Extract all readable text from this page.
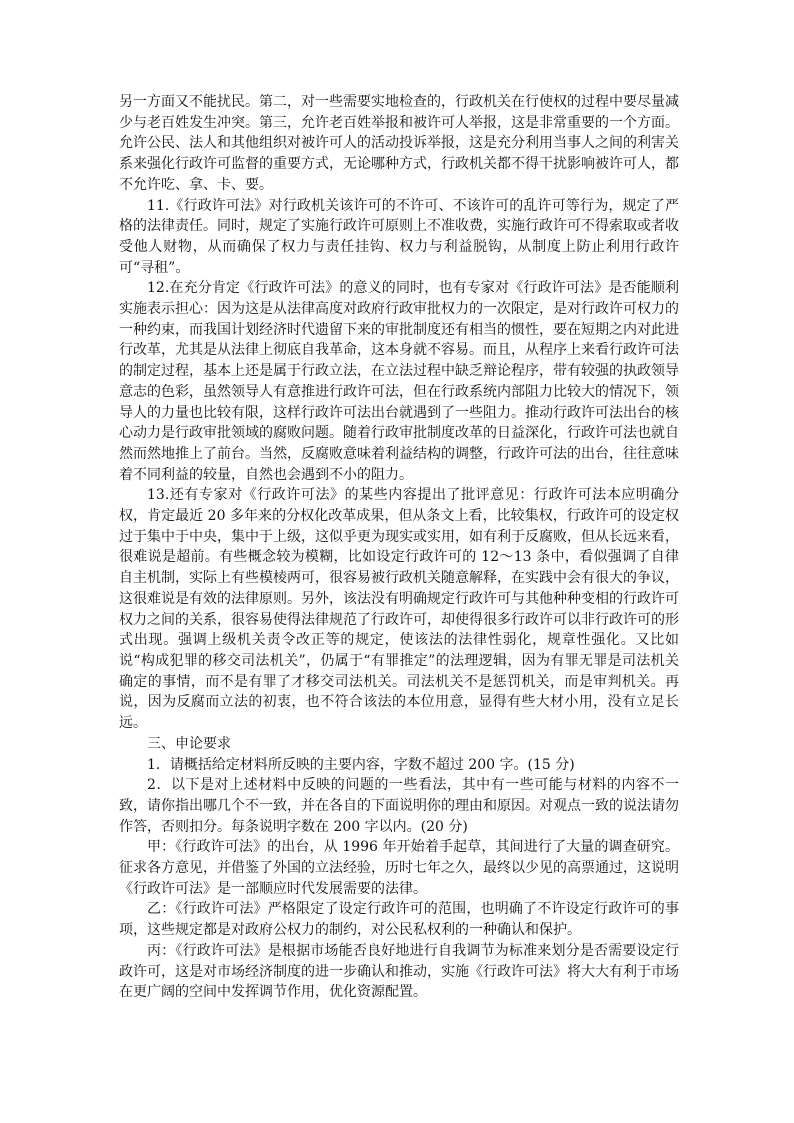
另一方面又不能扰民。第二，对一些需要实地检查的，行政机关在行使权的过程中要尽量减少与老百姓发生冲突。第三，允许老百姓举报和被许可人举报，这是非常重要的一个方面。允许公民、法人和其他组织对被许可人的活动投诉举报，这是充分利用当事人之间的利害关系来强化行政许可监督的重要方式，无论哪种方式，行政机关都不得干扰影响被许可人，都不允许吃、拿、卡、要。

11.《行政许可法》对行政机关该许可的不许可、不该许可的乱许可等行为，规定了严格的法律责任。同时，规定了实施行政许可原则上不准收费，实施行政许可不得索取或者收受他人财物，从而确保了权力与责任挂钩、权力与利益脱钩，从制度上防止利用行政许可“寻租”。

12.在充分肯定《行政许可法》的意义的同时，也有专家对《行政许可法》是否能顺利实施表示担心：因为这是从法律高度对政府行政审批权力的一次限定，是对行政许可权力的一种约束，而我国计划经济时代遗留下来的审批制度还有相当的惯性，要在短期之内对此进行改革，尤其是从法律上彻底自我革命，这本身就不容易。而且，从程序上来看行政许可法的制定过程，基本上还是属于行政立法，在立法过程中缺乏辩论程序，带有较强的执政领导意志的色彩，虽然领导人有意推进行政许可法，但在行政系统内部阻力比较大的情况下，领导人的力量也比较有限，这样行政许可法出台就遇到了一些阻力。推动行政许可法出台的核心动力是行政审批领域的腐败问题。随着行政审批制度改革的日益深化，行政许可法也就自然而然地推上了前台。当然，反腐败意味着利益结构的调整，行政许可法的出台，往往意味着不同利益的较量，自然也会遇到不小的阻力。

13.还有专家对《行政许可法》的某些内容提出了批评意见：行政许可法本应明确分权，肯定最近 20 多年来的分权化改革成果，但从条文上看，比较集权，行政许可的设定权过于集中于中央，集中于上级，这似乎更为现实或实用，如有利于反腐败，但从长远来看，很难说是超前。有些概念较为模糊，比如设定行政许可的 12～13 条中，看似强调了自律自主机制，实际上有些模棱两可，很容易被行政机关随意解释，在实践中会有很大的争议，这很难说是有效的法律原则。另外，该法没有明确规定行政许可与其他种种变相的行政许可权力之间的关系，很容易使得法律规范了行政许可，却使得很多行政许可以非行政许可的形式出现。强调上级机关责令改正等的规定，使该法的法律性弱化，规章性强化。又比如说“构成犯罪的移交司法机关”，仍属于“有罪推定”的法理逻辑，因为有罪无罪是司法机关确定的事情，而不是有罪了才移交司法机关。司法机关不是惩罚机关，而是审判机关。再说，因为反腐而立法的初衷，也不符合该法的本位用意，显得有些大材小用，没有立足长远。

三、申论要求

1．请概括给定材料所反映的主要内容，字数不超过 200 字。(15 分)

2．以下是对上述材料中反映的问题的一些看法，其中有一些可能与材料的内容不一致，请你指出哪几个不一致，并在各自的下面说明你的理由和原因。对观点一致的说法请勿作答，否则扣分。每条说明字数在 200 字以内。(20 分)

甲：《行政许可法》的出台，从 1996 年开始着手起草，其间进行了大量的调查研究。征求各方意见，并借鉴了外国的立法经验，历时七年之久，最终以少见的高票通过，这说明《行政许可法》是一部顺应时代发展需要的法律。

乙：《行政许可法》严格限定了设定行政许可的范围，也明确了不许设定行政许可的事项，这些规定都是对政府公权力的制约，对公民私权利的一种确认和保护。

丙：《行政许可法》是根据市场能否良好地进行自我调节为标准来划分是否需要设定行政许可，这是对市场经济制度的进一步确认和推动，实施《行政许可法》将大大有利于市场在更广阔的空间中发挥调节作用，优化资源配置。
